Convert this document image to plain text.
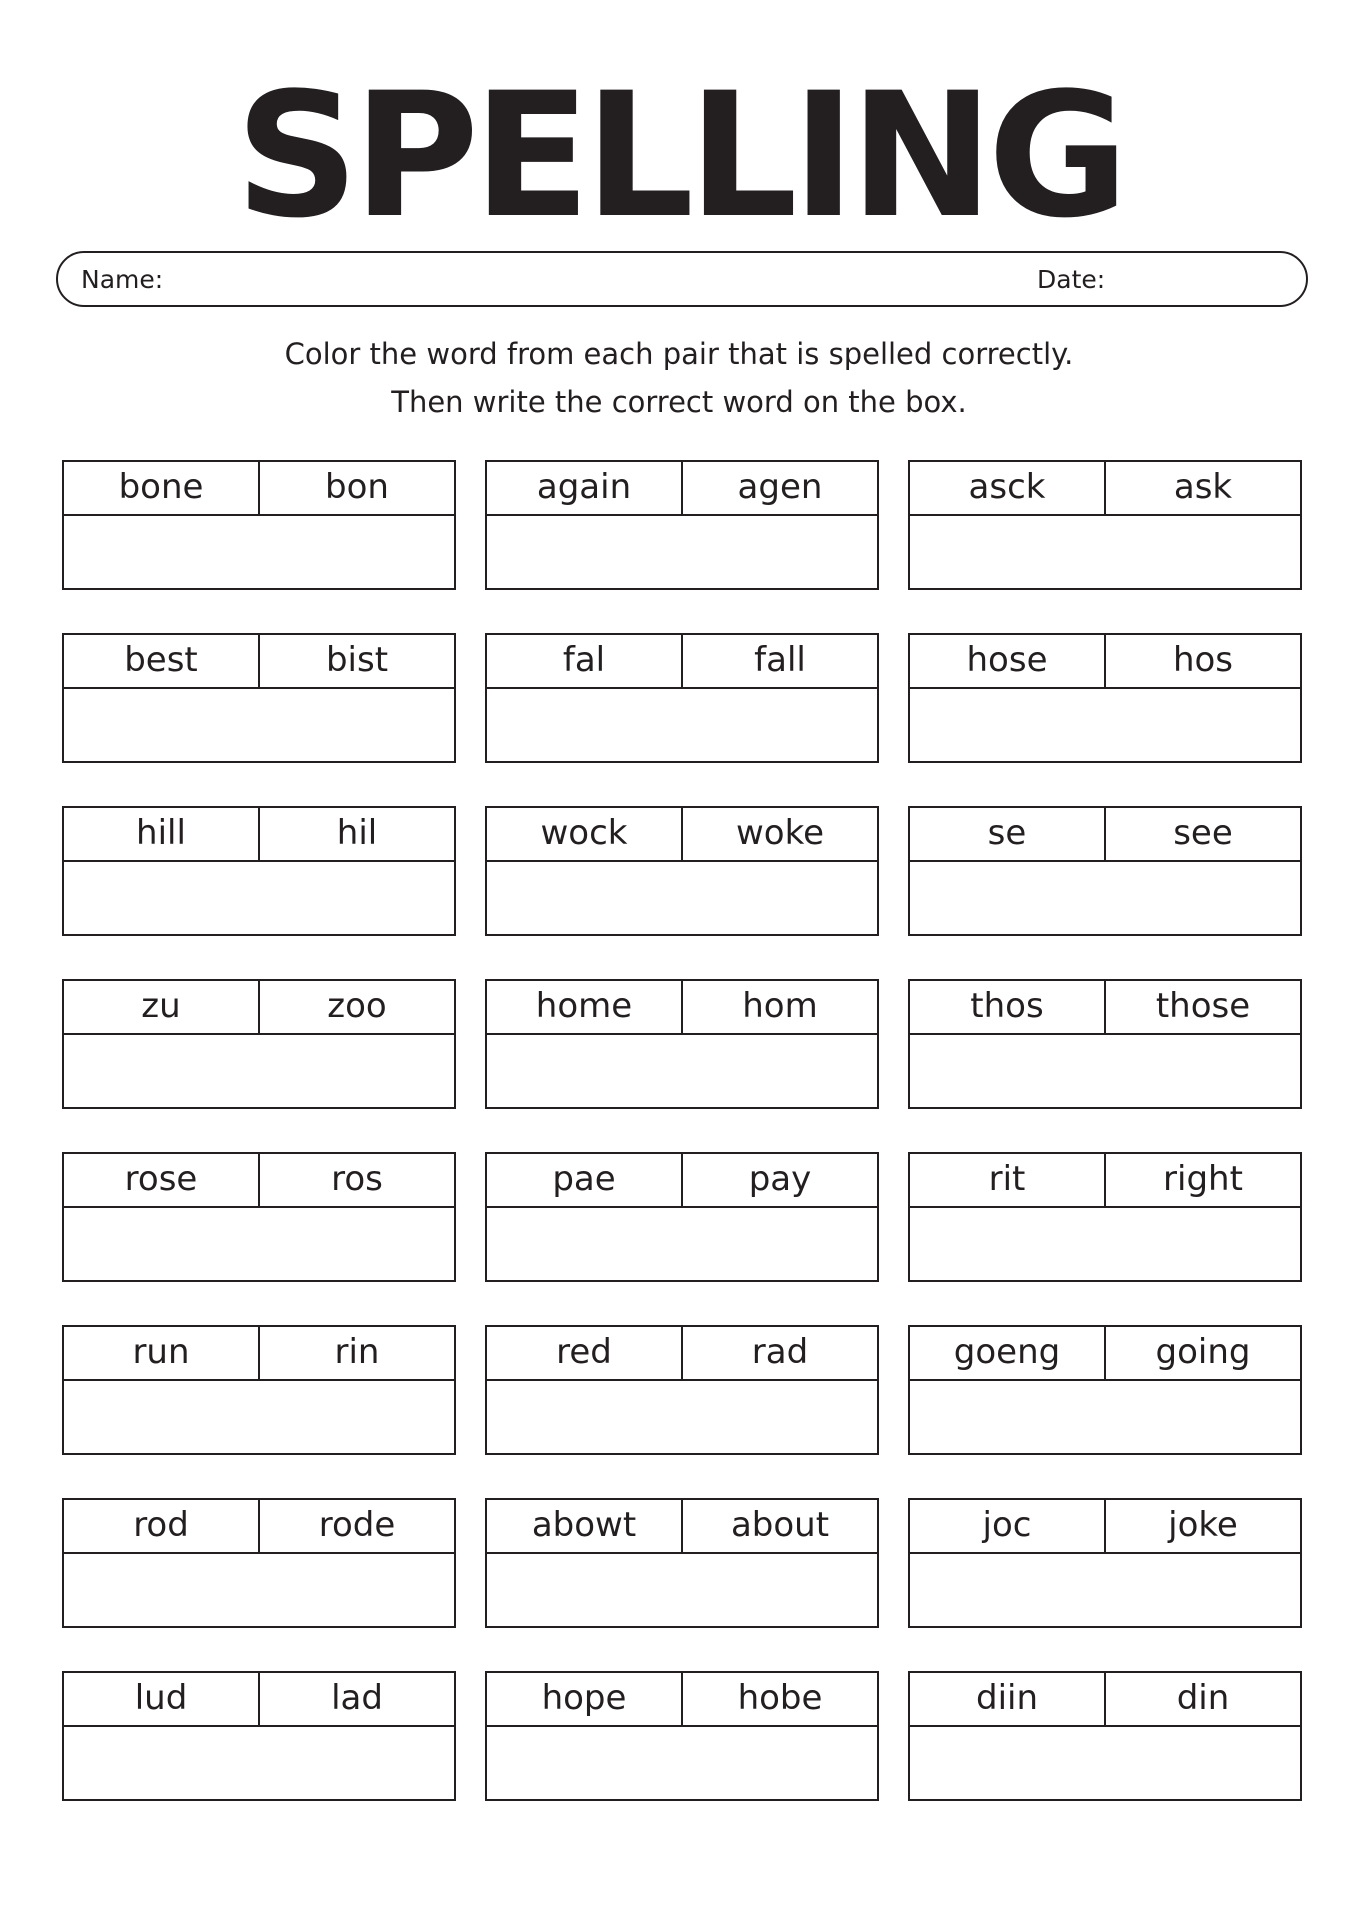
SPELLING
Name:	Date:
Color the word from each pair that is spelled correctly.
Then write the correct word on the box.
bone	bon	again	agen	asck	ask
best	bist	fal	fall	hose	hos
hill	hil	wock	woke	se	see
zu	zoo	home	hom	thos	those
rose	ros	pae	pay	rit	right
run	rin	red	rad	goeng	going
rod	rode	abowt	about	joc	joke
lud	lad	hope	hobe	diin	din
